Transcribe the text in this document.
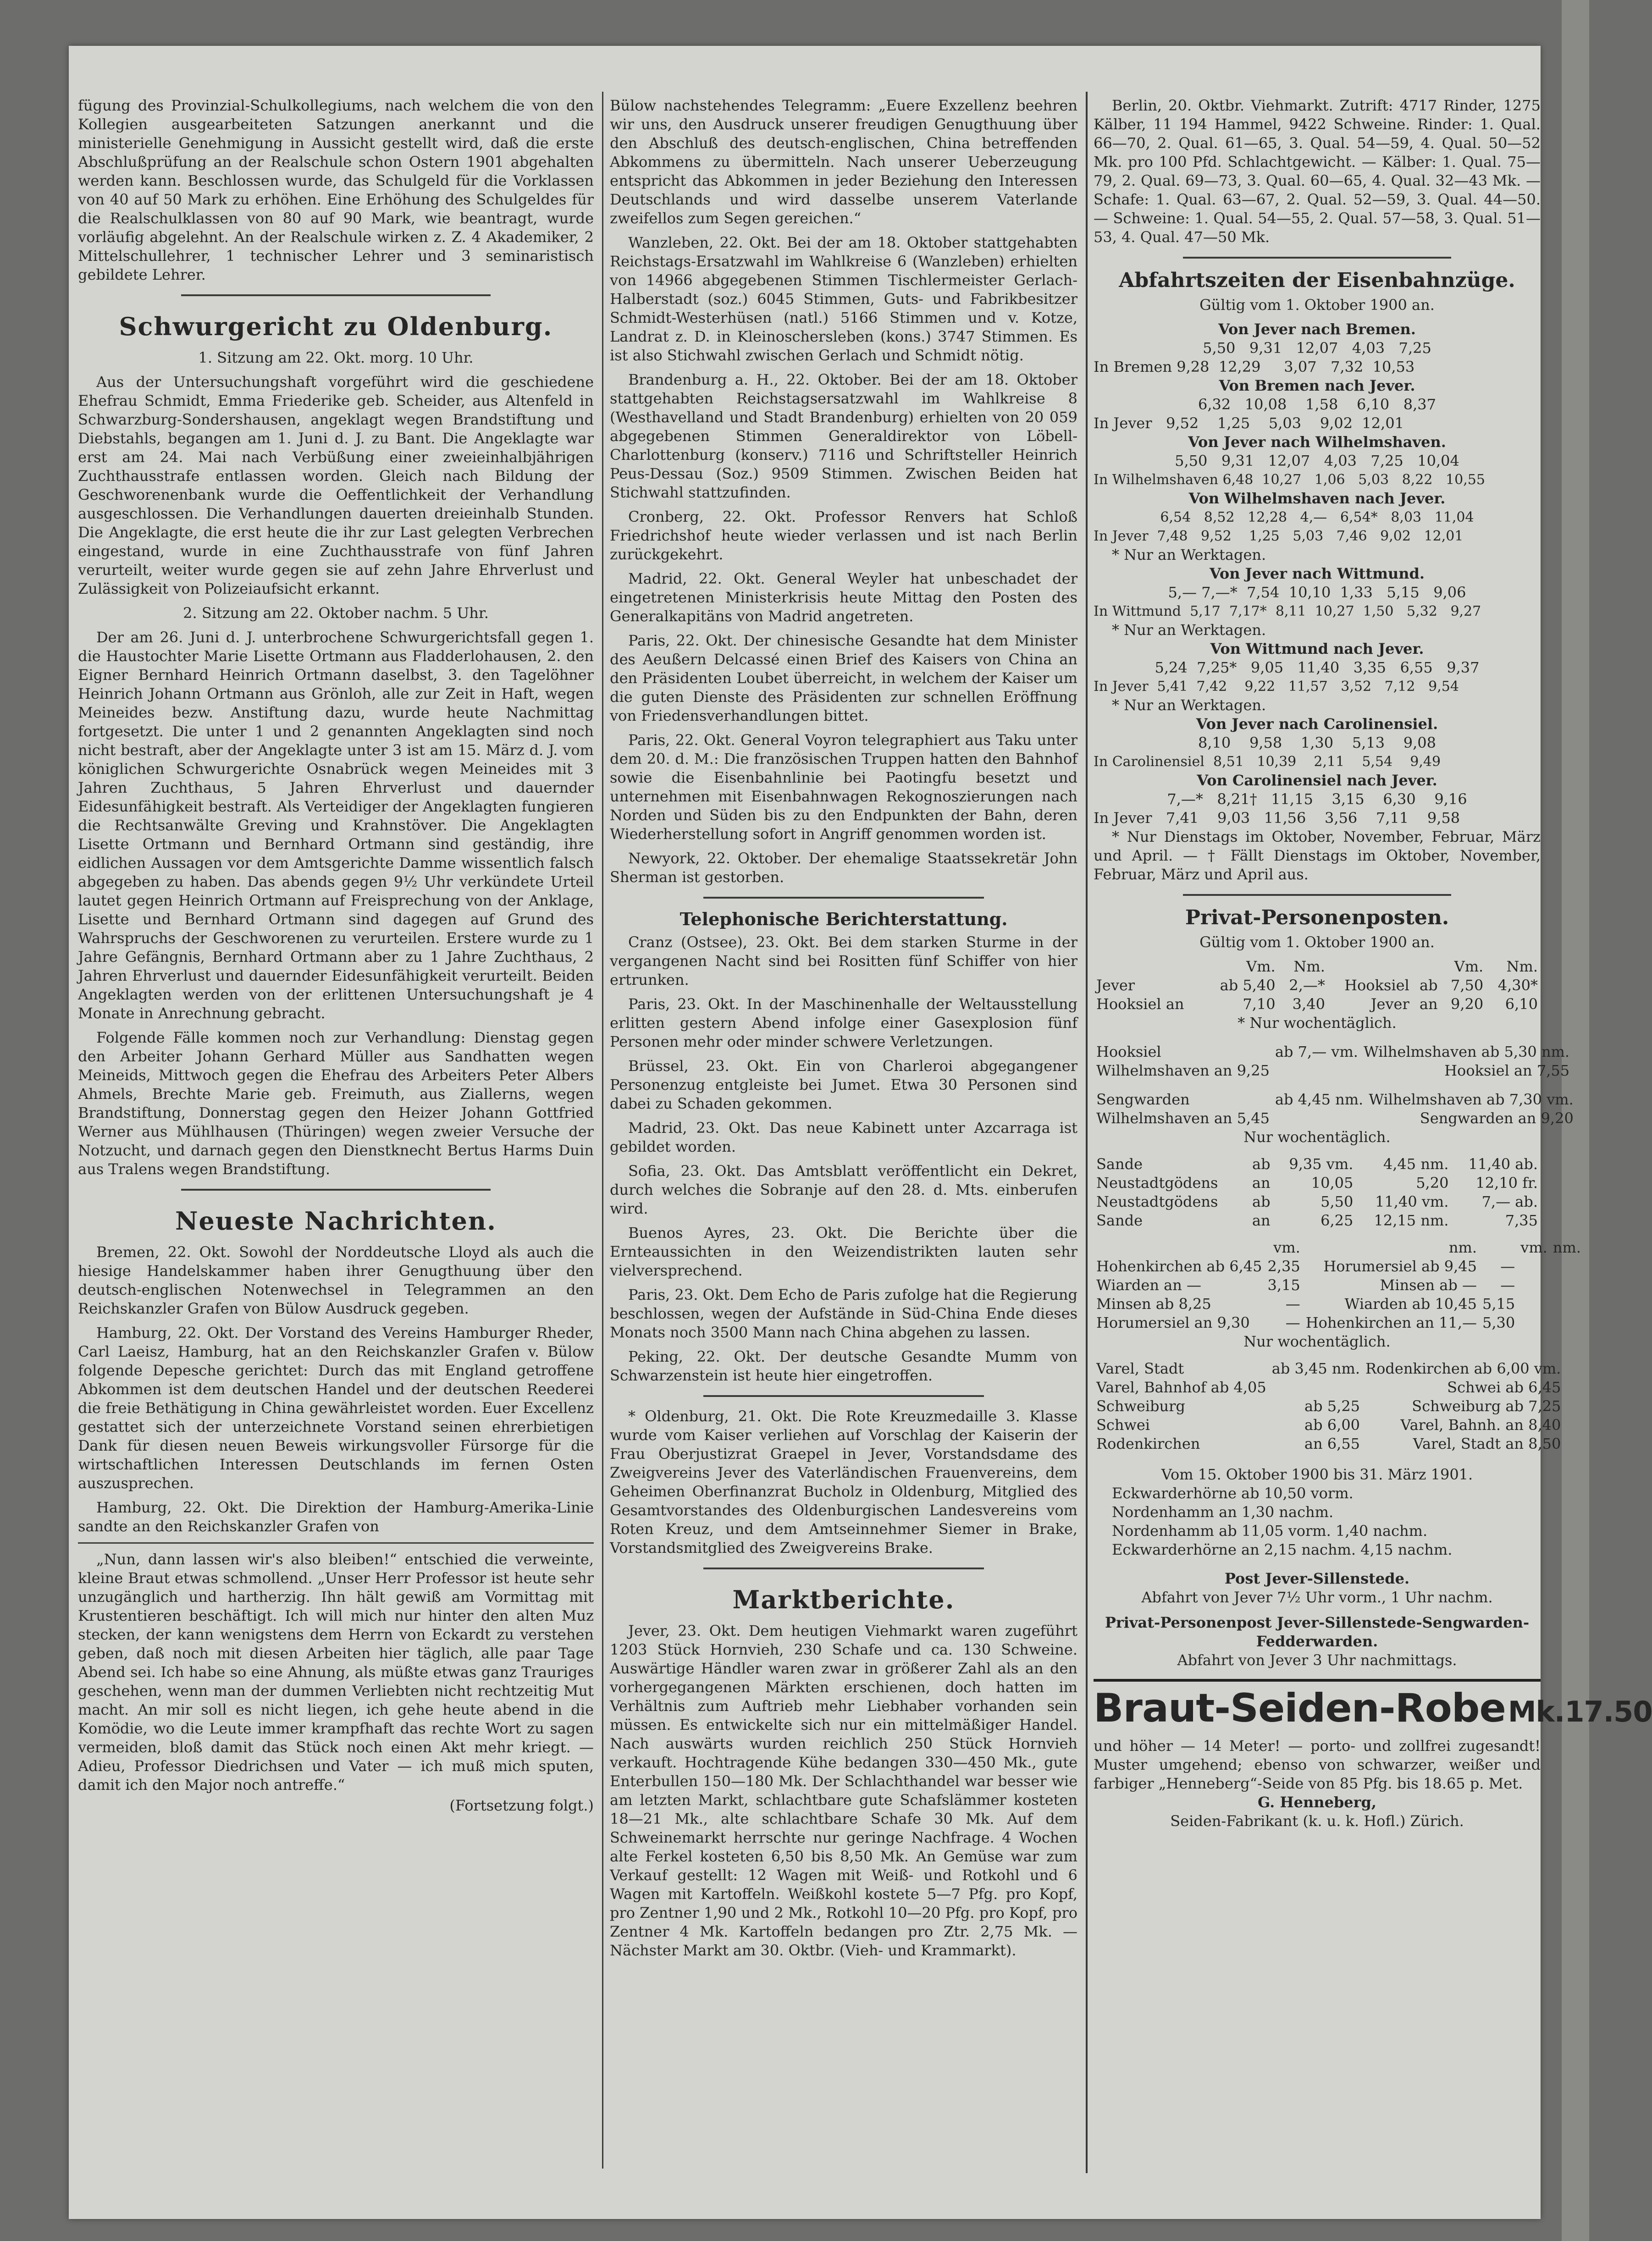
fügung des Provinzial-Schulkollegiums, nach welchem die von den Kollegien ausgearbeiteten Satzungen anerkannt und die ministerielle Genehmigung in Aussicht gestellt wird, daß die erste Abschlußprüfung an der Realschule schon Ostern 1901 abgehalten werden kann. Beschlossen wurde, das Schulgeld für die Vorklassen von 40 auf 50 Mark zu erhöhen. Eine Erhöhung des Schulgeldes für die Realschulklassen von 80 auf 90 Mark, wie beantragt, wurde vorläufig abgelehnt. An der Realschule wirken z. Z. 4 Akademiker, 2 Mittelschullehrer, 1 technischer Lehrer und 3 seminaristisch gebildete Lehrer.

Schwurgericht zu Oldenburg.

1. Sitzung am 22. Okt. morg. 10 Uhr.

Aus der Untersuchungshaft vorgeführt wird die geschiedene Ehefrau Schmidt, Emma Friederike geb. Scheider, aus Altenfeld in Schwarzburg-Sondershausen, angeklagt wegen Brandstiftung und Diebstahls, begangen am 1. Juni d. J. zu Bant. Die Angeklagte war erst am 24. Mai nach Verbüßung einer zweieinhalbjährigen Zuchthausstrafe entlassen worden. Gleich nach Bildung der Geschworenenbank wurde die Oeffentlichkeit der Verhandlung ausgeschlossen. Die Verhandlungen dauerten dreieinhalb Stunden. Die Angeklagte, die erst heute die ihr zur Last gelegten Verbrechen eingestand, wurde in eine Zuchthausstrafe von fünf Jahren verurteilt, weiter wurde gegen sie auf zehn Jahre Ehrverlust und Zulässigkeit von Polizeiaufsicht erkannt.

2. Sitzung am 22. Oktober nachm. 5 Uhr.

Der am 26. Juni d. J. unterbrochene Schwurgerichtsfall gegen 1. die Haustochter Marie Lisette Ortmann aus Fladderlohausen, 2. den Eigner Bernhard Heinrich Ortmann daselbst, 3. den Tagelöhner Heinrich Johann Ortmann aus Grönloh, alle zur Zeit in Haft, wegen Meineides bezw. Anstiftung dazu, wurde heute Nachmittag fortgesetzt. Die unter 1 und 2 genannten Angeklagten sind noch nicht bestraft, aber der Angeklagte unter 3 ist am 15. März d. J. vom königlichen Schwurgerichte Osnabrück wegen Meineides mit 3 Jahren Zuchthaus, 5 Jahren Ehrverlust und dauernder Eidesunfähigkeit bestraft. Als Verteidiger der Angeklagten fungieren die Rechtsanwälte Greving und Krahnstöver. Die Angeklagten Lisette Ortmann und Bernhard Ortmann sind geständig, ihre eidlichen Aussagen vor dem Amtsgerichte Damme wissentlich falsch abgegeben zu haben. Das abends gegen 9½ Uhr verkündete Urteil lautet gegen Heinrich Ortmann auf Freisprechung von der Anklage, Lisette und Bernhard Ortmann sind dagegen auf Grund des Wahrspruchs der Geschworenen zu verurteilen. Erstere wurde zu 1 Jahre Gefängnis, Bernhard Ortmann aber zu 1 Jahre Zuchthaus, 2 Jahren Ehrverlust und dauernder Eidesunfähigkeit verurteilt. Beiden Angeklagten werden von der erlittenen Untersuchungshaft je 4 Monate in Anrechnung gebracht.

Folgende Fälle kommen noch zur Verhandlung: Dienstag gegen den Arbeiter Johann Gerhard Müller aus Sandhatten wegen Meineids, Mittwoch gegen die Ehefrau des Arbeiters Peter Albers Ahmels, Brechte Marie geb. Freimuth, aus Ziallerns, wegen Brandstiftung, Donnerstag gegen den Heizer Johann Gottfried Werner aus Mühlhausen (Thüringen) wegen zweier Versuche der Notzucht, und darnach gegen den Dienstknecht Bertus Harms Duin aus Tralens wegen Brandstiftung.

Neueste Nachrichten.

Bremen, 22. Okt. Sowohl der Norddeutsche Lloyd als auch die hiesige Handelskammer haben ihrer Genugthuung über den deutsch-englischen Notenwechsel in Telegrammen an den Reichskanzler Grafen von Bülow Ausdruck gegeben.

Hamburg, 22. Okt. Der Vorstand des Vereins Hamburger Rheder, Carl Laeisz, Hamburg, hat an den Reichskanzler Grafen v. Bülow folgende Depesche gerichtet: Durch das mit England getroffene Abkommen ist dem deutschen Handel und der deutschen Reederei die freie Bethätigung in China gewährleistet worden. Euer Excellenz gestattet sich der unterzeichnete Vorstand seinen ehrerbietigen Dank für diesen neuen Beweis wirkungsvoller Fürsorge für die wirtschaftlichen Interessen Deutschlands im fernen Osten auszusprechen.

Hamburg, 22. Okt. Die Direktion der Hamburg-Amerika-Linie sandte an den Reichskanzler Grafen von

„Nun, dann lassen wir's also bleiben!“ entschied die verweinte, kleine Braut etwas schmollend. „Unser Herr Professor ist heute sehr unzugänglich und hartherzig. Ihn hält gewiß am Vormittag mit Krustentieren beschäftigt. Ich will mich nur hinter den alten Muz stecken, der kann wenigstens dem Herrn von Eckardt zu verstehen geben, daß noch mit diesen Arbeiten hier täglich, alle paar Tage Abend sei. Ich habe so eine Ahnung, als müßte etwas ganz Trauriges geschehen, wenn man der dummen Verliebten nicht rechtzeitig Mut macht. An mir soll es nicht liegen, ich gehe heute abend in die Komödie, wo die Leute immer krampfhaft das rechte Wort zu sagen vermeiden, bloß damit das Stück noch einen Akt mehr kriegt. — Adieu, Professor Diedrichsen und Vater — ich muß mich sputen, damit ich den Major noch antreffe.“

(Fortsetzung folgt.)

Bülow nachstehendes Telegramm: „Euere Exzellenz beehren wir uns, den Ausdruck unserer freudigen Genugthuung über den Abschluß des deutsch-englischen, China betreffenden Abkommens zu übermitteln. Nach unserer Ueberzeugung entspricht das Abkommen in jeder Beziehung den Interessen Deutschlands und wird dasselbe unserem Vaterlande zweifellos zum Segen gereichen.“

Wanzleben, 22. Okt. Bei der am 18. Oktober stattgehabten Reichstags-Ersatzwahl im Wahlkreise 6 (Wanzleben) erhielten von 14966 abgegebenen Stimmen Tischlermeister Gerlach-Halberstadt (soz.) 6045 Stimmen, Guts- und Fabrikbesitzer Schmidt-Westerhüsen (natl.) 5166 Stimmen und v. Kotze, Landrat z. D. in Kleinoschersleben (kons.) 3747 Stimmen. Es ist also Stichwahl zwischen Gerlach und Schmidt nötig.

Brandenburg a. H., 22. Oktober. Bei der am 18. Oktober stattgehabten Reichstagsersatzwahl im Wahlkreise 8 (Westhavelland und Stadt Brandenburg) erhielten von 20 059 abgegebenen Stimmen Generaldirektor von Löbell-Charlottenburg (konserv.) 7116 und Schriftsteller Heinrich Peus-Dessau (Soz.) 9509 Stimmen. Zwischen Beiden hat Stichwahl stattzufinden.

Cronberg, 22. Okt. Professor Renvers hat Schloß Friedrichshof heute wieder verlassen und ist nach Berlin zurückgekehrt.

Madrid, 22. Okt. General Weyler hat unbeschadet der eingetretenen Ministerkrisis heute Mittag den Posten des Generalkapitäns von Madrid angetreten.

Paris, 22. Okt. Der chinesische Gesandte hat dem Minister des Aeußern Delcassé einen Brief des Kaisers von China an den Präsidenten Loubet überreicht, in welchem der Kaiser um die guten Dienste des Präsidenten zur schnellen Eröffnung von Friedensverhandlungen bittet.

Paris, 22. Okt. General Voyron telegraphiert aus Taku unter dem 20. d. M.: Die französischen Truppen hatten den Bahnhof sowie die Eisenbahnlinie bei Paotingfu besetzt und unternehmen mit Eisenbahnwagen Rekognoszierungen nach Norden und Süden bis zu den Endpunkten der Bahn, deren Wiederherstellung sofort in Angriff genommen worden ist.

Newyork, 22. Oktober. Der ehemalige Staatssekretär John Sherman ist gestorben.

Telephonische Berichterstattung.

Cranz (Ostsee), 23. Okt. Bei dem starken Sturme in der vergangenen Nacht sind bei Rositten fünf Schiffer von hier ertrunken.

Paris, 23. Okt. In der Maschinenhalle der Weltausstellung erlitten gestern Abend infolge einer Gasexplosion fünf Personen mehr oder minder schwere Verletzungen.

Brüssel, 23. Okt. Ein von Charleroi abgegangener Personenzug entgleiste bei Jumet. Etwa 30 Personen sind dabei zu Schaden gekommen.

Madrid, 23. Okt. Das neue Kabinett unter Azcarraga ist gebildet worden.

Sofia, 23. Okt. Das Amtsblatt veröffentlicht ein Dekret, durch welches die Sobranje auf den 28. d. Mts. einberufen wird.

Buenos Ayres, 23. Okt. Die Berichte über die Ernteaussichten in den Weizendistrikten lauten sehr vielversprechend.

Paris, 23. Okt. Dem Echo de Paris zufolge hat die Regierung beschlossen, wegen der Aufstände in Süd-China Ende dieses Monats noch 3500 Mann nach China abgehen zu lassen.

Peking, 22. Okt. Der deutsche Gesandte Mumm von Schwarzenstein ist heute hier eingetroffen.

* Oldenburg, 21. Okt. Die Rote Kreuzmedaille 3. Klasse wurde vom Kaiser verliehen auf Vorschlag der Kaiserin der Frau Oberjustizrat Graepel in Jever, Vorstandsdame des Zweigvereins Jever des Vaterländischen Frauenvereins, dem Geheimen Oberfinanzrat Bucholz in Oldenburg, Mitglied des Gesamtvorstandes des Oldenburgischen Landesvereins vom Roten Kreuz, und dem Amtseinnehmer Siemer in Brake, Vorstandsmitglied des Zweigvereins Brake.

Marktberichte.

Jever, 23. Okt. Dem heutigen Viehmarkt waren zugeführt 1203 Stück Hornvieh, 230 Schafe und ca. 130 Schweine. Auswärtige Händler waren zwar in größerer Zahl als an den vorhergegangenen Märkten erschienen, doch hatten im Verhältnis zum Auftrieb mehr Liebhaber vorhanden sein müssen. Es entwickelte sich nur ein mittelmäßiger Handel. Nach auswärts wurden reichlich 250 Stück Hornvieh verkauft. Hochtragende Kühe bedangen 330—450 Mk., gute Enterbullen 150—180 Mk. Der Schlachthandel war besser wie am letzten Markt, schlachtbare gute Schafslämmer kosteten 18—21 Mk., alte schlachtbare Schafe 30 Mk. Auf dem Schweinemarkt herrschte nur geringe Nachfrage. 4 Wochen alte Ferkel kosteten 6,50 bis 8,50 Mk. An Gemüse war zum Verkauf gestellt: 12 Wagen mit Weiß- und Rotkohl und 6 Wagen mit Kartoffeln. Weißkohl kostete 5—7 Pfg. pro Kopf, pro Zentner 1,90 und 2 Mk., Rotkohl 10—20 Pfg. pro Kopf, pro Zentner 4 Mk. Kartoffeln bedangen pro Ztr. 2,75 Mk. — Nächster Markt am 30. Oktbr. (Vieh- und Krammarkt).

Berlin, 20. Oktbr. Viehmarkt. Zutrift: 4717 Rinder, 1275 Kälber, 11 194 Hammel, 9422 Schweine. Rinder: 1. Qual. 66—70, 2. Qual. 61—65, 3. Qual. 54—59, 4. Qual. 50—52 Mk. pro 100 Pfd. Schlachtgewicht. — Kälber: 1. Qual. 75—79, 2. Qual. 69—73, 3. Qual. 60—65, 4. Qual. 32—43 Mk. — Schafe: 1. Qual. 63—67, 2. Qual. 52—59, 3. Qual. 44—50. — Schweine: 1. Qual. 54—55, 2. Qual. 57—58, 3. Qual. 51—53, 4. Qual. 47—50 Mk.

Abfahrtszeiten der Eisenbahnzüge.

Gültig vom 1. Oktober 1900 an.

Von Jever nach Bremen.

5,50   9,31   12,07   4,03   7,25

In Bremen 9,28  12,29     3,07   7,32  10,53

Von Bremen nach Jever.

6,32   10,08    1,58    6,10   8,37

In Jever   9,52    1,25    5,03    9,02  12,01

Von Jever nach Wilhelmshaven.

5,50   9,31   12,07   4,03   7,25   10,04

In Wilhelmshaven 6,48  10,27   1,06   5,03   8,22   10,55

Von Wilhelmshaven nach Jever.

6,54   8,52   12,28   4,—   6,54*   8,03   11,04

In Jever  7,48   9,52    1,25   5,03   7,46   9,02   12,01

* Nur an Werktagen.

Von Jever nach Wittmund.

5,— 7,—*  7,54  10,10  1,33   5,15   9,06

In Wittmund  5,17  7,17*  8,11  10,27  1,50   5,32   9,27

* Nur an Werktagen.

Von Wittmund nach Jever.

5,24  7,25*   9,05   11,40   3,35   6,55   9,37

In Jever  5,41  7,42    9,22   11,57   3,52   7,12   9,54

* Nur an Werktagen.

Von Jever nach Carolinensiel.

8,10    9,58    1,30    5,13    9,08

In Carolinensiel  8,51   10,39    2,11    5,54    9,49

Von Carolinensiel nach Jever.

7,—*   8,21†   11,15    3,15    6,30    9,16

In Jever   7,41    9,03   11,56    3,56    7,11    9,58

* Nur Dienstags im Oktober, November, Februar, März und April. — † Fällt Dienstags im Oktober, November, Februar, März und April aus.

Privat-Personenposten.

Gültig vom 1. Oktober 1900 an.

	Vm.	Nm.			Vm.	Nm.
Jever	ab 5,40	2,—*	Hooksiel	ab	7,50	4,30*
Hooksiel an	7,10	3,40	Jever	an	9,20	6,10

* Nur wochentäglich.

Hooksiel	ab 7,— vm.	Wilhelmshaven ab 5,30 nm.
Wilhelmshaven an 9,25		Hooksiel an 7,55
Sengwarden	ab 4,45 nm.	Wilhelmshaven ab 7,30 vm.
Wilhelmshaven an 5,45		Sengwarden an 9,20

Nur wochentäglich.

Sande	ab	9,35 vm.	4,45 nm.	11,40 ab.
Neustadtgödens	an	10,05	5,20	12,10 fr.
Neustadtgödens	ab	5,50	11,40 vm.	7,— ab.
Sande	an	6,25	12,15 nm.	7,35
	vm.	nm.		vm.	nm.
Hohenkirchen ab 6,45	2,35	Horumersiel ab 9,45	—		
Wiarden an —	3,15	Minsen ab —	—		
Minsen ab 8,25	—	Wiarden ab 10,45	5,15		
Horumersiel an 9,30	—	Hohenkirchen an 11,—	5,30		

Nur wochentäglich.

Varel, Stadt	ab 3,45 nm.	Rodenkirchen ab 6,00 vm.
Varel, Bahnhof ab 4,05		Schwei ab 6,45
Schweiburg	ab 5,25	Schweiburg ab 7,25
Schwei	ab 6,00	Varel, Bahnh. an 8,40
Rodenkirchen	an 6,55	Varel, Stadt an 8,50

Vom 15. Oktober 1900 bis 31. März 1901.

Eckwarderhörne ab 10,50 vorm.

Nordenhamm an 1,30 nachm.

Nordenhamm ab 11,05 vorm. 1,40 nachm.

Eckwarderhörne an 2,15 nachm. 4,15 nachm.

Post Jever-Sillenstede.

Abfahrt von Jever 7½ Uhr vorm., 1 Uhr nachm.

Privat-Personenpost Jever-Sillenstede-Sengwarden-Fedderwarden.

Abfahrt von Jever 3 Uhr nachmittags.

Braut-Seiden-Robe Mk.17.50

und höher — 14 Meter! — porto- und zollfrei zugesandt! Muster umgehend; ebenso von schwarzer, weißer und farbiger „Henneberg“-Seide von 85 Pfg. bis 18.65 p. Met.

G. Henneberg,

Seiden-Fabrikant (k. u. k. Hofl.) Zürich.
